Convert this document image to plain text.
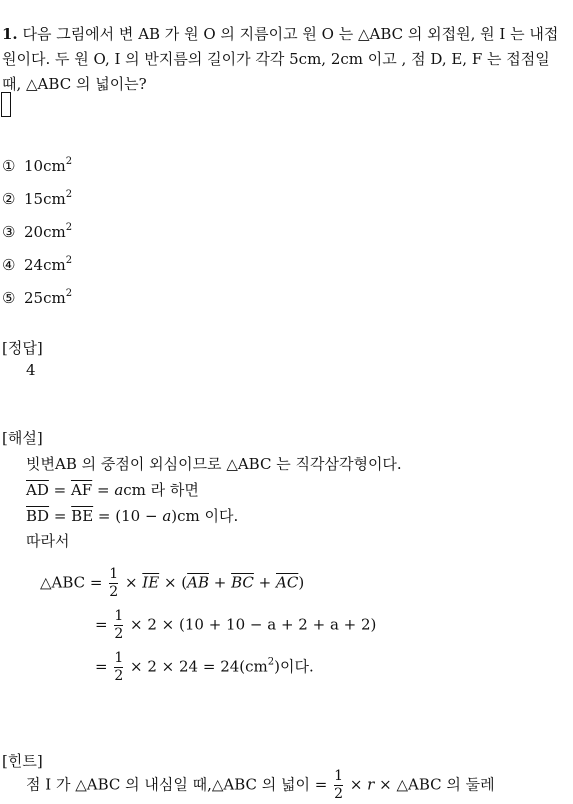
1. 다음 그림에서 변 AB 가 원 O 의 지름이고 원 O 는 △ABC 의 외접원, 원 I 는 내접원이다. 두 원 O, I 의 반지름의 길이가 각각 5cm, 2cm 이고 , 점 D, E, F 는 접점일 때, △ABC 의 넓이는?
① $10cm^2$
② $15cm^2$
③ $20cm^2$
④ $24cm^2$
⑤ $25cm^2$
[정답]
4
[해설]
빗변AB 의 중점이 외심이므로 △ABC 는 직각삼각형이다.
$\overline{AD} = \overline{AF}$ = acm 라 하면
$\overline{BD} = \overline{BE} = (10 - a)cm$ 이다.
따라서
△ABC = $\frac{1}{2} \times \overline{IE} \times (\overline{AB} + \overline{BC} + \overline{AC})$
= $\frac{1}{2} \times 2 \times (10 + 10 - a + 2 + a + 2)$
= $\frac{1}{2} \times 2 \times 24 = 24(cm^2)$이다.
[힌트]
점 I 가 △ABC 의 내심일 때,△ABC 의 넓이 = $\frac{1}{2} \times r$ × △ABC 의 둘레
